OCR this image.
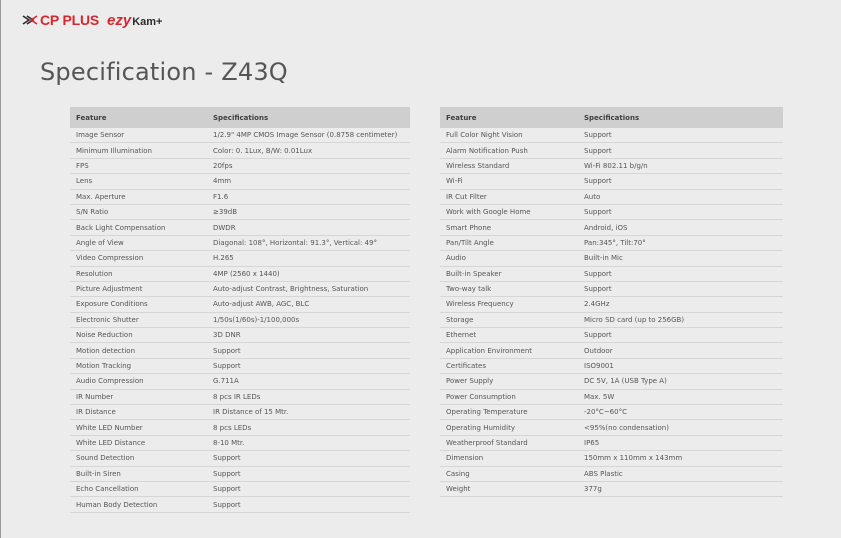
CP PLUS ezy Kam+
Specification - Z43Q
Feature	Specifications
Image Sensor	1/2.9" 4MP CMOS Image Sensor (0.8758 centimeter)
Minimum Illumination	Color: 0. 1Lux, B/W: 0.01Lux
FPS	20fps
Lens	4mm
Max. Aperture	F1.6
S/N Ratio	≥39dB
Back Light Compensation	DWDR
Angle of View	Diagonal: 108°, Horizontal: 91.3°, Vertical: 49°
Video Compression	H.265
Resolution	4MP (2560 x 1440)
Picture Adjustment	Auto-adjust Contrast, Brightness, Saturation
Exposure Conditions	Auto-adjust AWB, AGC, BLC
Electronic Shutter	1/50s(1/60s)-1/100,000s
Noise Reduction	3D DNR
Motion detection	Support
Motion Tracking	Support
Audio Compression	G.711A
IR Number	8 pcs IR LEDs
IR Distance	IR Distance of 15 Mtr.
White LED Number	8 pcs LEDs
White LED Distance	8-10 Mtr.
Sound Detection	Support
Built-in Siren	Support
Echo Cancellation	Support
Human Body Detection	Support
Feature	Specifications
Full Color Night Vision	Support
Alarm Notification Push	Support
Wireless Standard	Wi-Fi 802.11 b/g/n
Wi-Fi	Support
IR Cut Filter	Auto
Work with Google Home	Support
Smart Phone	Android, iOS
Pan/Tilt Angle	Pan:345°, Tilt:70°
Audio	Built-in Mic
Built-in Speaker	Support
Two-way talk	Support
Wireless Frequency	2.4GHz
Storage	Micro SD card (up to 256GB)
Ethernet	Support
Application Environment	Outdoor
Certificates	ISO9001
Power Supply	DC 5V, 1A (USB Type A)
Power Consumption	Max. 5W
Operating Temperature	-20°C~60°C
Operating Humidity	<95%(no condensation)
Weatherproof Standard	IP65
Dimension	150mm x 110mm x 143mm
Casing	ABS Plastic
Weight	377g
